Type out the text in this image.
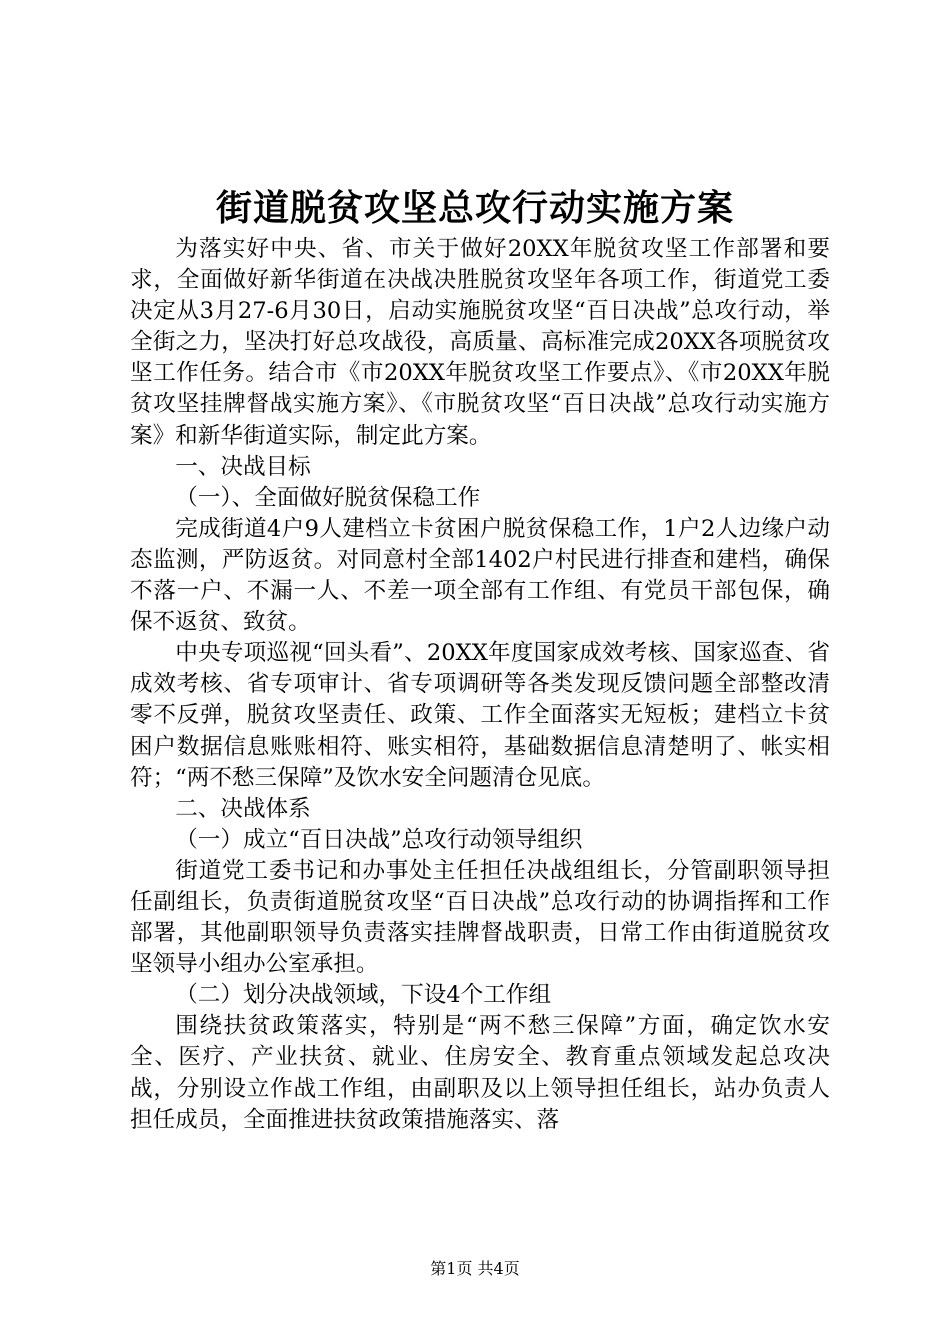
街道脱贫攻坚总攻行动实施方案

为落实好中央、省、市关于做好20XX年脱贫攻坚工作部署和要求，全面做好新华街道在决战决胜脱贫攻坚年各项工作，街道党工委决定从3月27-6月30日，启动实施脱贫攻坚“百日决战”总攻行动，举全街之力，坚决打好总攻战役，高质量、高标准完成20XX各项脱贫攻坚工作任务。结合市《市20XX年脱贫攻坚工作要点》、《市20XX年脱贫攻坚挂牌督战实施方案》、《市脱贫攻坚“百日决战”总攻行动实施方案》和新华街道实际，制定此方案。

一、决战目标

（一）、全面做好脱贫保稳工作

完成街道4户9人建档立卡贫困户脱贫保稳工作，1户2人边缘户动态监测，严防返贫。对同意村全部1402户村民进行排查和建档，确保不落一户、不漏一人、不差一项全部有工作组、有党员干部包保，确保不返贫、致贫。

中央专项巡视“回头看”、20XX年度国家成效考核、国家巡查、省成效考核、省专项审计、省专项调研等各类发现反馈问题全部整改清零不反弹，脱贫攻坚责任、政策、工作全面落实无短板；建档立卡贫困户数据信息账账相符、账实相符，基础数据信息清楚明了、帐实相符；“两不愁三保障”及饮水安全问题清仓见底。

二、决战体系

（一）成立“百日决战”总攻行动领导组织

街道党工委书记和办事处主任担任决战组组长，分管副职领导担任副组长，负责街道脱贫攻坚“百日决战”总攻行动的协调指挥和工作部署，其他副职领导负责落实挂牌督战职责，日常工作由街道脱贫攻坚领导小组办公室承担。

（二）划分决战领域，下设4个工作组

围绕扶贫政策落实，特别是“两不愁三保障”方面，确定饮水安全、医疗、产业扶贫、就业、住房安全、教育重点领域发起总攻决战，分别设立作战工作组，由副职及以上领导担任组长，站办负责人担任成员，全面推进扶贫政策措施落实、落

第1页 共4页
